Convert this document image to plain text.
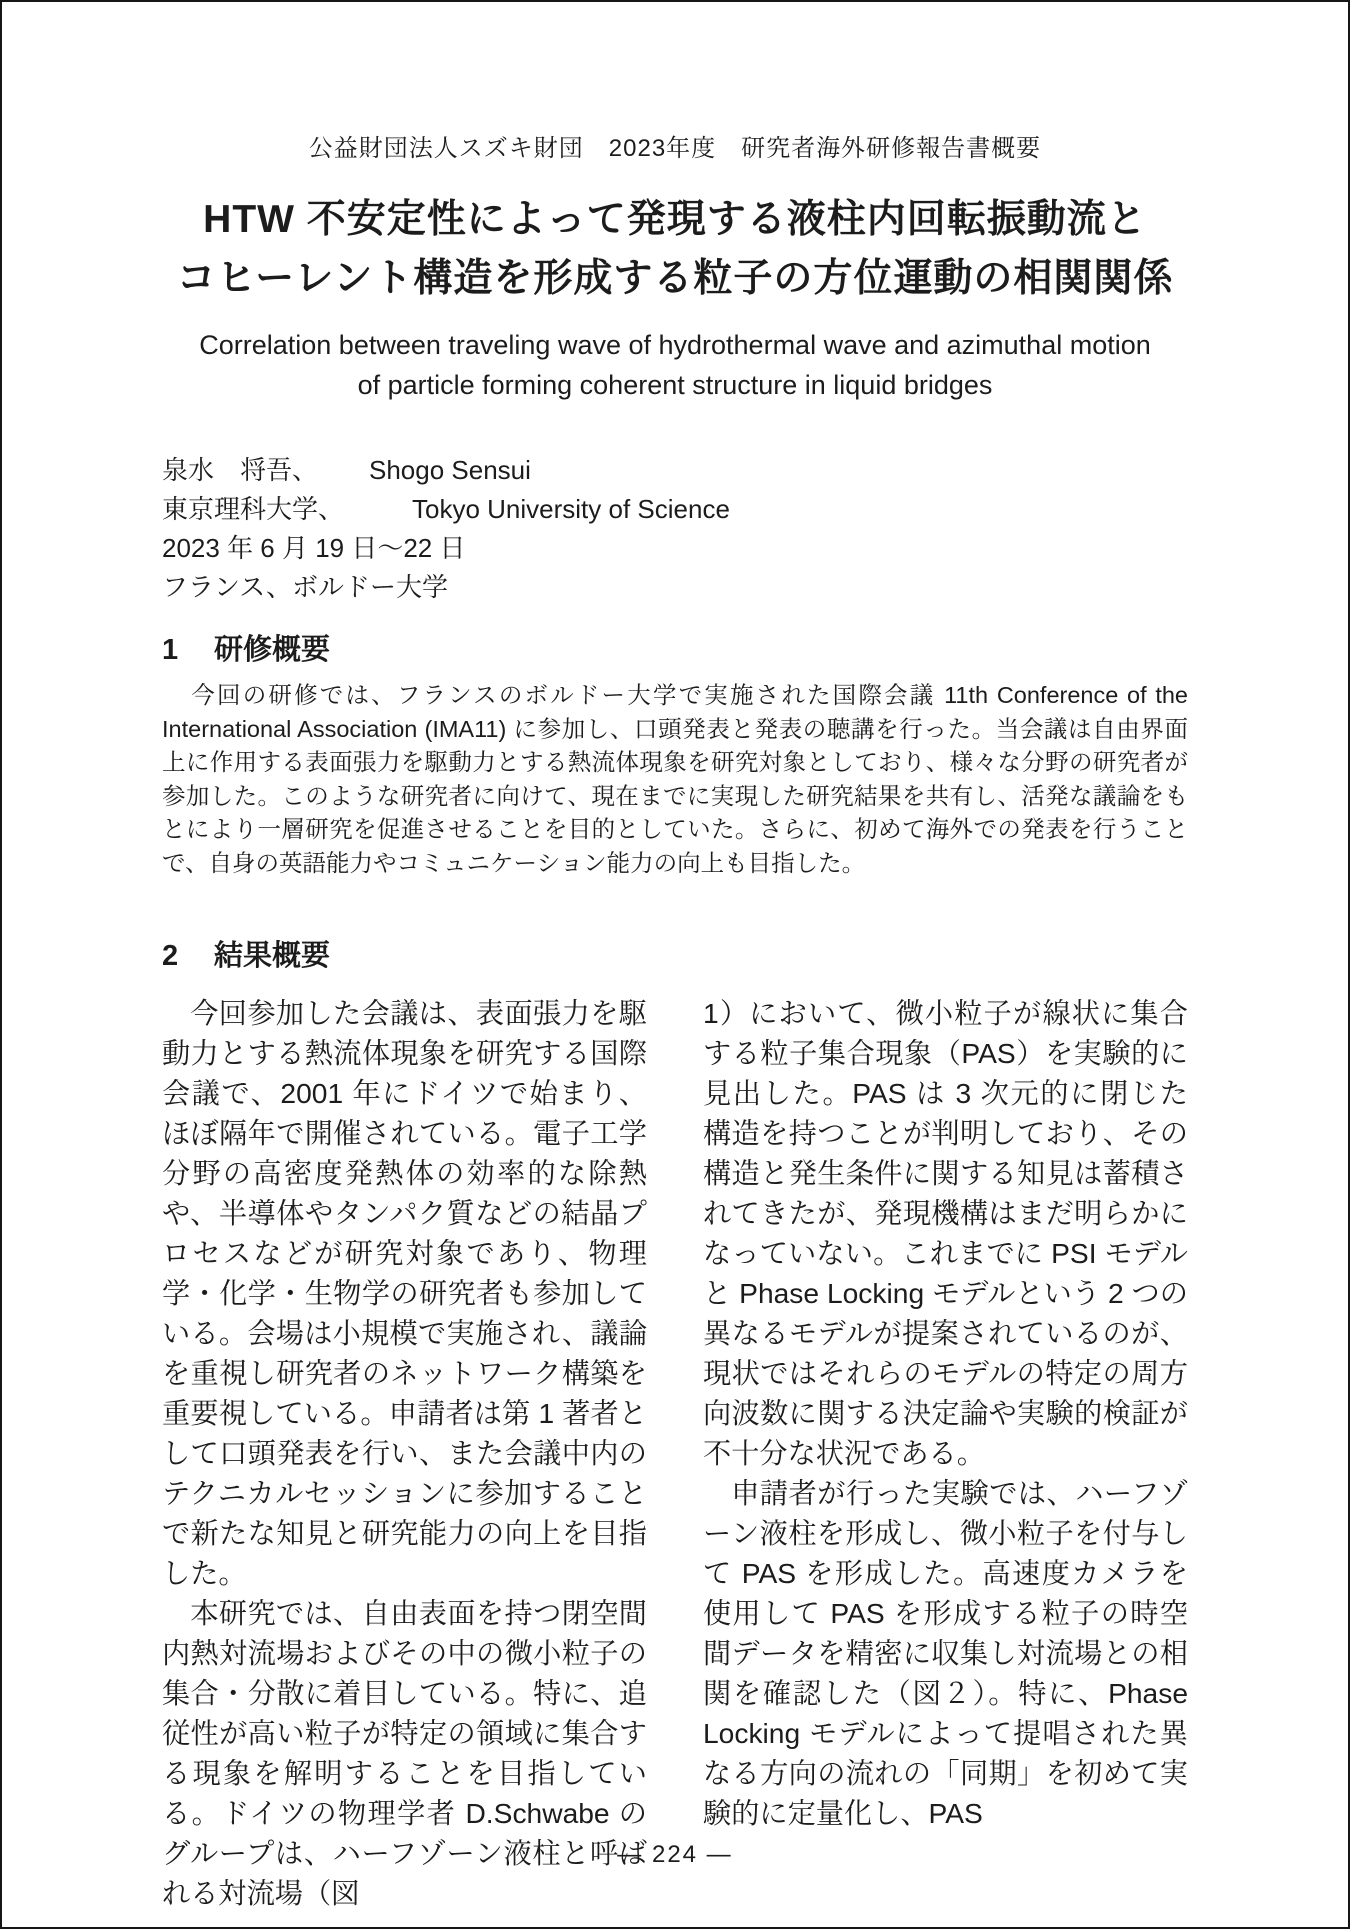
公益財団法人スズキ財団　2023年度　研究者海外研修報告書概要
HTW 不安定性によって発現する液柱内回転振動流と
コヒーレント構造を形成する粒子の方位運動の相関関係
Correlation between traveling wave of hydrothermal wave and azimuthal motion
of particle forming coherent structure in liquid bridges
泉水　将吾、 Shogo Sensui
東京理科大学、	Tokyo University of Science
2023 年 6 月 19 日～22 日
フランス、ボルドー大学
1 研修概要

今回の研修では、フランスのボルドー大学で実施された国際会議 11th Conference of the International Association (IMA11) に参加し、口頭発表と発表の聴講を行った。当会議は自由界面上に作用する表面張力を駆動力とする熱流体現象を研究対象としており、様々な分野の研究者が参加した。このような研究者に向けて、現在までに実現した研究結果を共有し、活発な議論をもとにより一層研究を促進させることを目的としていた。さらに、初めて海外での発表を行うことで、自身の英語能力やコミュニケーション能力の向上も目指した。

2 結果概要

今回参加した会議は、表面張力を駆動力とする熱流体現象を研究する国際会議で、2001 年にドイツで始まり、ほぼ隔年で開催されている。電子工学分野の高密度発熱体の効率的な除熱や、半導体やタンパク質などの結晶プロセスなどが研究対象であり、物理学・化学・生物学の研究者も参加している。会場は小規模で実施され、議論を重視し研究者のネットワーク構築を重要視している。申請者は第 1 著者として口頭発表を行い、また会議中内のテクニカルセッションに参加することで新たな知見と研究能力の向上を目指した。

本研究では、自由表面を持つ閉空間内熱対流場およびその中の微小粒子の集合・分散に着目している。特に、追従性が高い粒子が特定の領域に集合する現象を解明することを目指している。ドイツの物理学者 D.Schwabe のグループは、ハーフゾーン液柱と呼ばれる対流場（図

1）において、微小粒子が線状に集合する粒子集合現象（PAS）を実験的に見出した。PAS は 3 次元的に閉じた構造を持つことが判明しており、その構造と発生条件に関する知見は蓄積されてきたが、発現機構はまだ明らかになっていない。これまでに PSI モデルと Phase Locking モデルという 2 つの異なるモデルが提案されているのが、現状ではそれらのモデルの特定の周方向波数に関する決定論や実験的検証が不十分な状況である。

申請者が行った実験では、ハーフゾーン液柱を形成し、微小粒子を付与して PAS を形成した。高速度カメラを使用して PAS を形成する粒子の時空間データを精密に収集し対流場との相関を確認した（図２）。特に、Phase Locking モデルによって提唱された異なる方向の流れの「同期」を初めて実験的に定量化し、PAS

— 224 —
